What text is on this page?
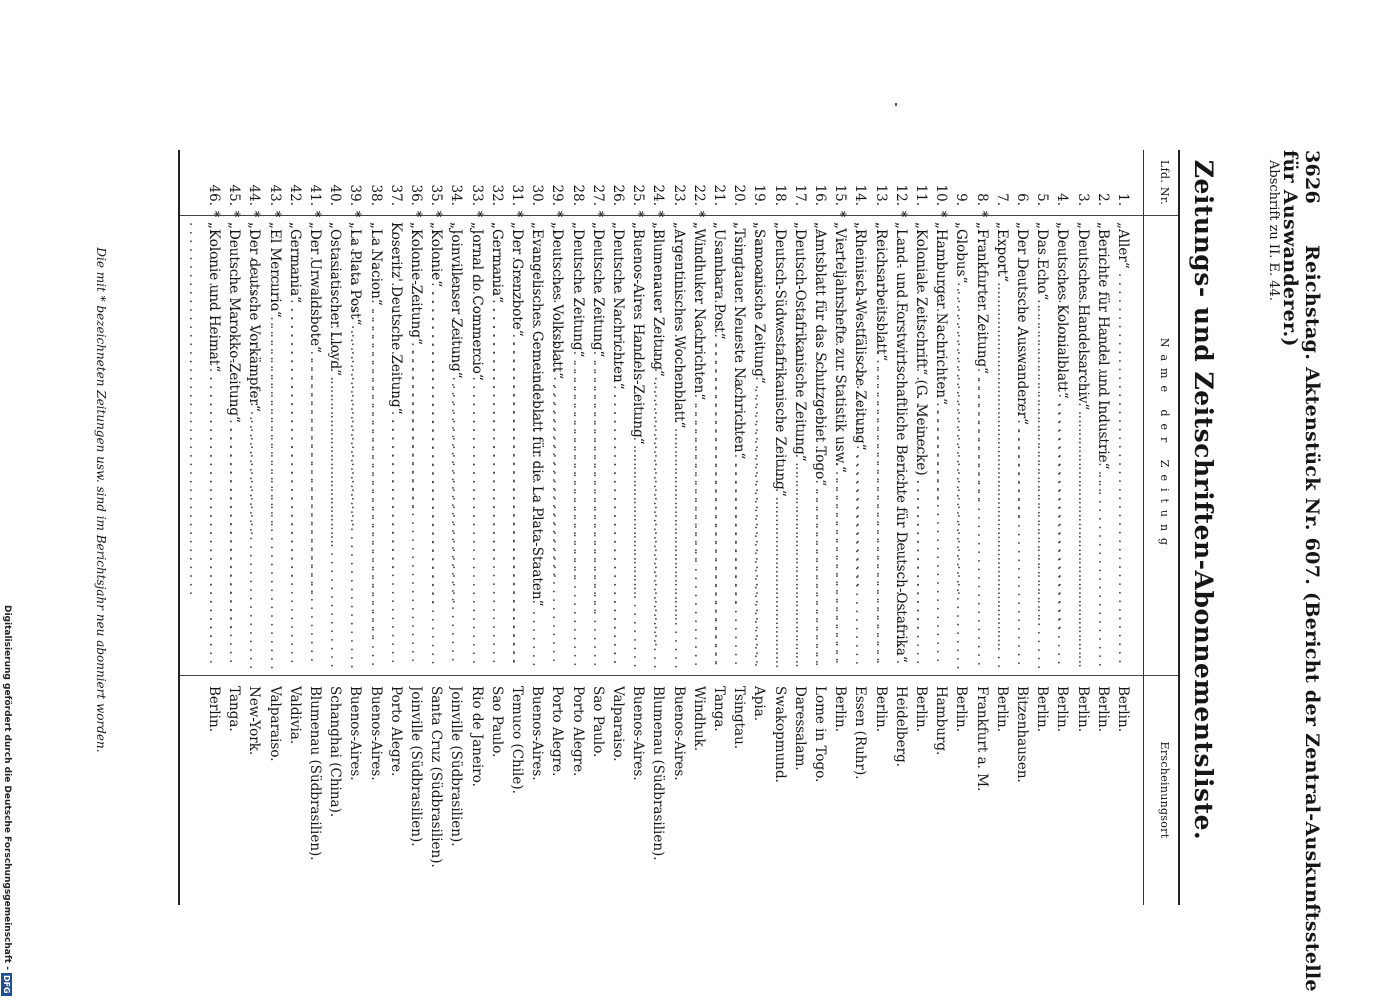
3626Reichstag. Aktenstück Nr. 607. (Bericht der Zentral-Auskunftsstelle für Auswanderer.)
Abschrift zu II. E. 44.
Zeitungs- und Zeitschriften-Abonnementsliste.
Lfd. Nr.
Name der Zeitung
Erscheinungsort
1.
„Aller“ . . .
Berlin.
2.
„Berichte für Handel und Industrie“ . . .
Berlin.
3.
„Deutsches Handelsarchiv“ . . .
Berlin.
4.
„Deutsches Kolonialblatt“ . . .
Berlin.
5.
„Das Echo“ . . .
Berlin.
6.
„Der Deutsche Auswanderer“ . . .
Bitzenhausen.
7.
„Export“ . . .
Berlin.
8.
*
„Frankfurter Zeitung“ . . .
Frankfurt a. M.
9.
„Globus“ . . .
Berlin.
10.
*
„Hamburger Nachrichten“ . . .
Hamburg.
11.
„Koloniale Zeitschrift“ (G. Meinecke) . . .
Berlin.
12.
*
„Land- und Forstwirtschaftliche Berichte für Deutsch-Ostafrika“ . . .
Heidelberg.
13.
„Reichsarbeitsblatt“ . . .
Berlin.
14.
„Rheinisch-Westfälische Zeitung“ . . .
Essen (Ruhr).
15.
*
„Vierteljahrshefte zur Statistik usw.“ . . .
Berlin.
16.
„Amtsblatt für das Schutzgebiet Togo“ . . .
Lome in Togo.
17.
„Deutsch-Ostafrikanische Zeitung“ . . .
Daressalam.
18.
„Deutsch-Südwestafrikanische Zeitung“ . . .
Swakopmund.
19.
„Samoanische Zeitung“ . . .
Apia.
20.
„Tsingtauer Neueste Nachrichten“ . . .
Tsingtau.
21.
„Usambara Post“ . . .
Tanga.
22.
*
„Windhuker Nachrichten“ . . .
Windhuk.
23.
„Argentinisches Wochenblatt“ . . .
Buenos-Aires.
24.
*
„Blumenauer Zeitung“ . . .
Blumenau (Südbrasilien).
25.
*
„Buenos-Aires Handels-Zeitung“ . . .
Buenos-Aires.
26.
„Deutsche Nachrichten“ . . .
Valparaiso.
27.
*
„Deutsche Zeitung“ . . .
Sao Paulo.
28.
„Deutsche Zeitung“ . . .
Porto Alegre.
29.
*
„Deutsches Volksblatt“ . . .
Porto Alegre.
30.
„Evangelisches Gemeindeblatt für die La Plata-Staaten“ . . .
Buenos-Aires.
31.
*
„Der Grenzbote“ . . .
Temuco (Chile).
32.
„Germania“ . . .
Sao Paulo.
33.
*
„Jornal do Commercio“ . . .
Rio de Janeiro.
34.
„Joinvillenser Zeitung“ . . .
Joinville (Südbrasilien).
35.
*
„Kolonie“ . . .
Santa Cruz (Südbrasilien).
36.
*
„Kolonie-Zeitung“ . . .
Joinville (Südbrasilien).
37.
Koseritz' Deutsche Zeitung“ . . .
Porto Alegre.
38.
„La Nacion“ . . .
Buenos-Aires.
39.
*
„La Plata Post“ . . .
Buenos-Aires.
40.
„Ostasiatischer Lloyd“ . . .
Schanghai (China).
41.
*
„Der Urwaldsbote“ . . .
Blumenau (Südbrasilien).
42.
„Germania“ . . .
Valdivia.
43.
*
„El Mercurio“ . . .
Valparaiso.
44.
*
„Der deutsche Vorkämpfer“ . . .
New-York.
45.
*
„Deutsche Marokko-Zeitung“ . . .
Tanga.
46.
*
„Kolonie und Heimat“ . . .
Berlin.
Die mit * bezeichneten Zeitungen usw. sind im Berichtsjahr neu abonniert worden.
Digitalisierung gefördert durch die Deutsche Forschungsgemeinschaft -
DFG
